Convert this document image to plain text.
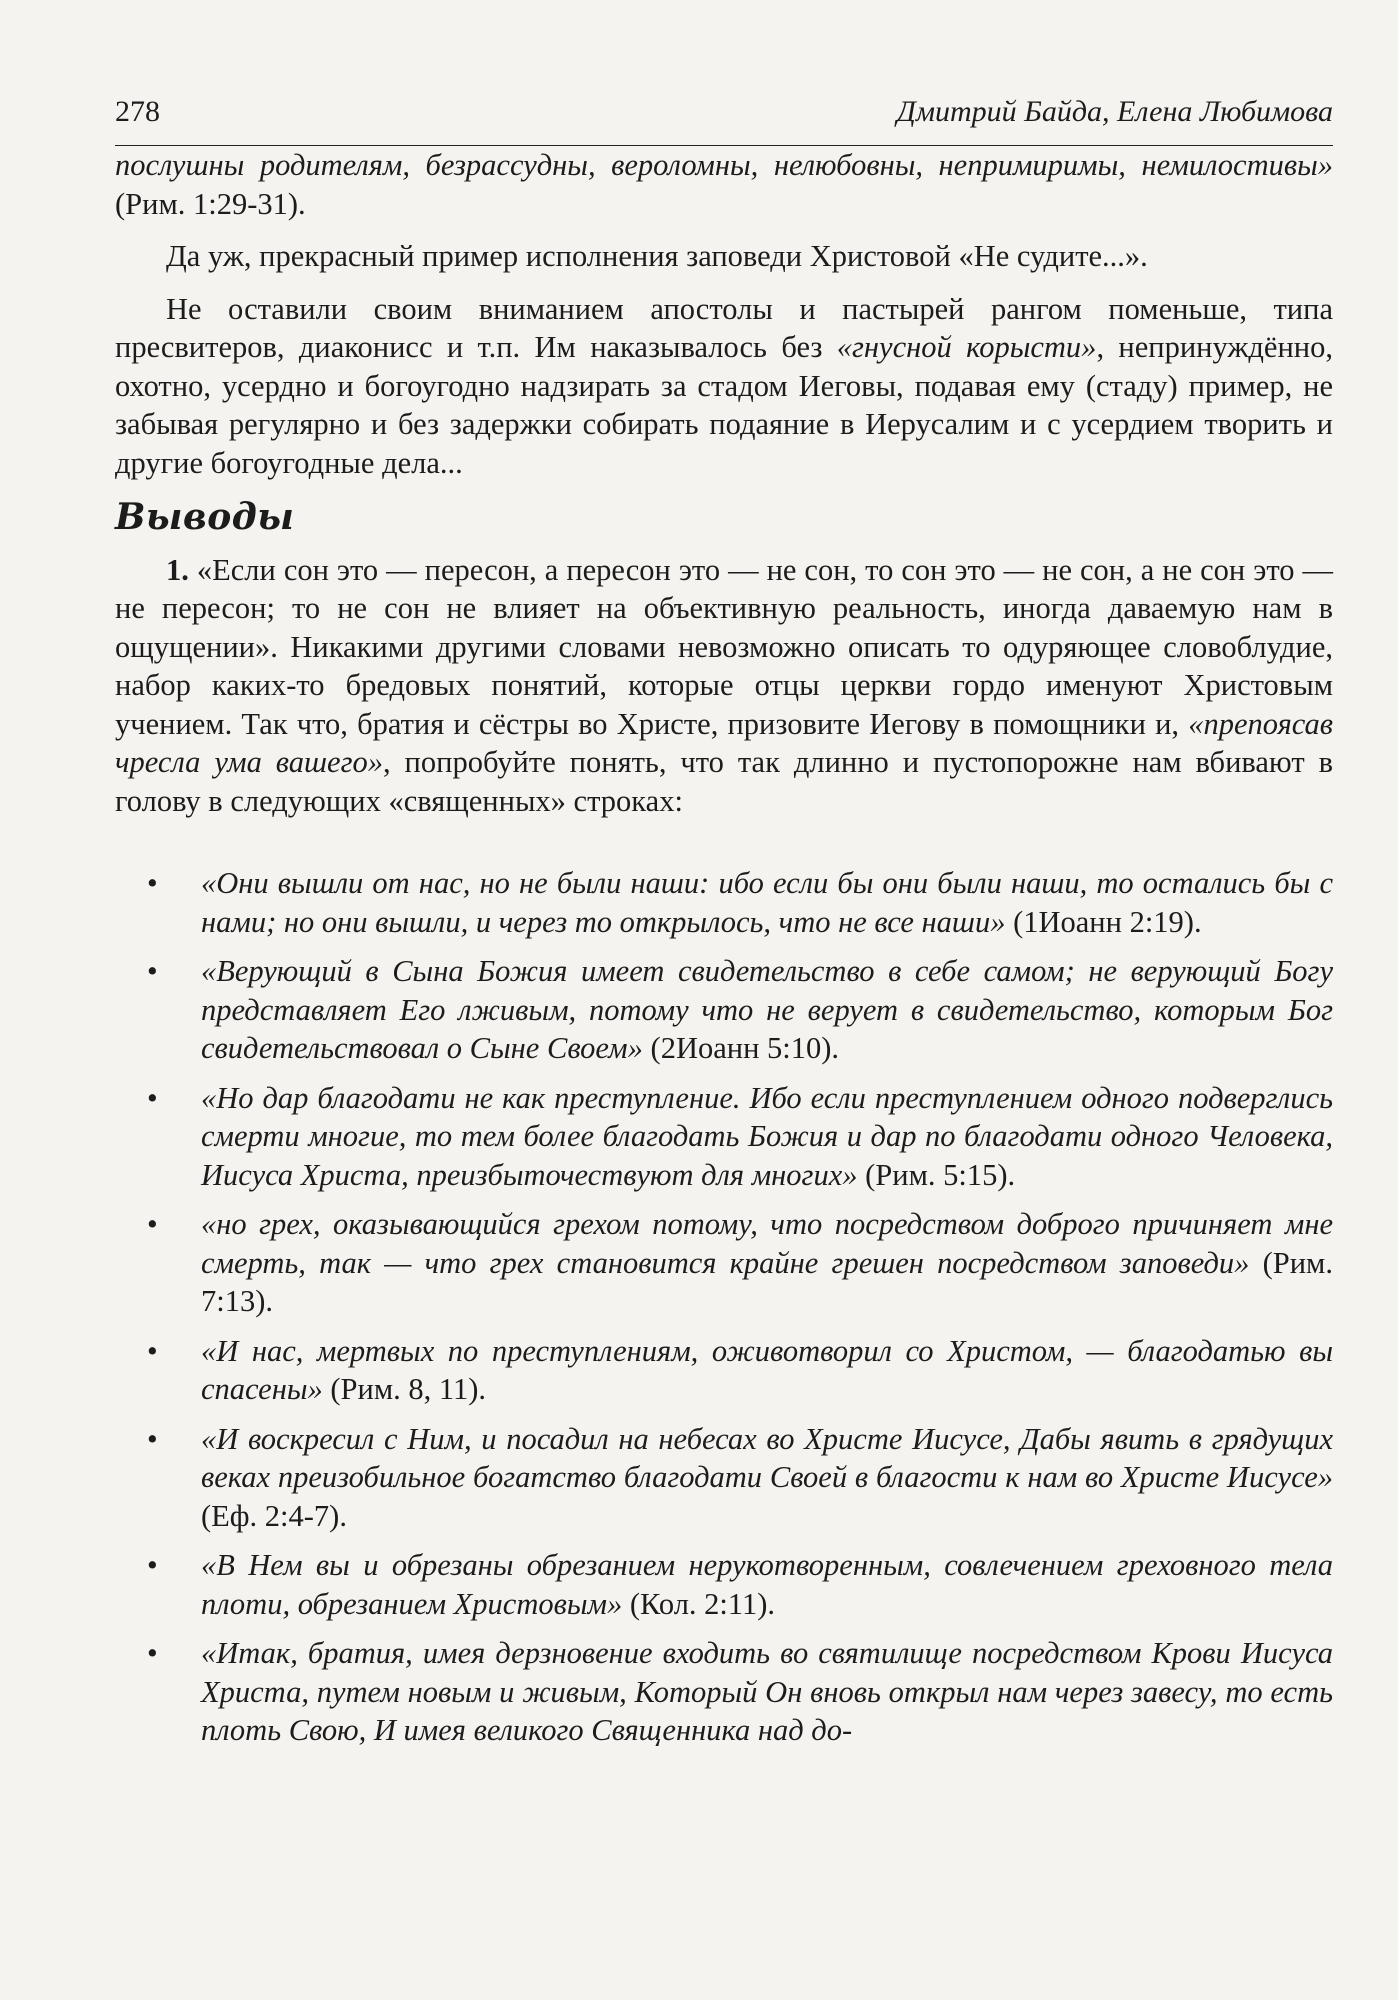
278	Дмитрий Байда, Елена Любимова

послушны родителям, безрассудны, вероломны, нелюбовны, непримиримы, немилостивы» (Рим. 1:29-31).

Да уж, прекрасный пример исполнения заповеди Христовой «Не судите...».

Не оставили своим вниманием апостолы и пастырей рангом поменьше, типа пресвитеров, диаконисс и т.п. Им наказывалось без «гнусной корысти», непринуждённо, охотно, усердно и богоугодно надзирать за стадом Иеговы, подавая ему (стаду) пример, не забывая регулярно и без задержки собирать подаяние в Иерусалим и с усердием творить и другие богоугодные дела...

Выводы

1. «Если сон это — пересон, а пересон это — не сон, то сон это — не сон, а не сон это — не пересон; то не сон не влияет на объективную реальность, иногда даваемую нам в ощущении». Никакими другими словами невозможно описать то одуряющее словоблудие, набор каких-то бредовых понятий, которые отцы церкви гордо именуют Христовым учением. Так что, братия и сёстры во Христе, призовите Иегову в помощники и, «препоясав чресла ума вашего», попробуйте понять, что так длинно и пустопорожне нам вбивают в голову в следующих «священных» строках:

• «Они вышли от нас, но не были наши: ибо если бы они были наши, то остались бы с нами; но они вышли, и через то открылось, что не все наши» (1Иоанн 2:19).
• «Верующий в Сына Божия имеет свидетельство в себе самом; не верующий Богу представляет Его лживым, потому что не верует в свидетельство, которым Бог свидетельствовал о Сыне Своем» (2Иоанн 5:10).
• «Но дар благодати не как преступление. Ибо если преступлением одного подверглись смерти многие, то тем более благодать Божия и дар по благодати одного Человека, Иисуса Христа, преизбыточествуют для многих» (Рим. 5:15).
• «но грех, оказывающийся грехом потому, что посредством доброго причиняет мне смерть, так — что грех становится крайне грешен посредством заповеди» (Рим. 7:13).
• «И нас, мертвых по преступлениям, оживотворил со Христом, — благодатью вы спасены» (Рим. 8, 11).
• «И воскресил с Ним, и посадил на небесах во Христе Иисусе, Дабы явить в грядущих веках преизобильное богатство благодати Своей в благости к нам во Христе Иисусе» (Еф. 2:4-7).
• «В Нем вы и обрезаны обрезанием нерукотворенным, совлечением греховного тела плоти, обрезанием Христовым» (Кол. 2:11).
• «Итак, братия, имея дерзновение входить во святилище посредством Крови Иисуса Христа, путем новым и живым, Который Он вновь открыл нам через завесу, то есть плоть Свою, И имея великого Священника над до-
